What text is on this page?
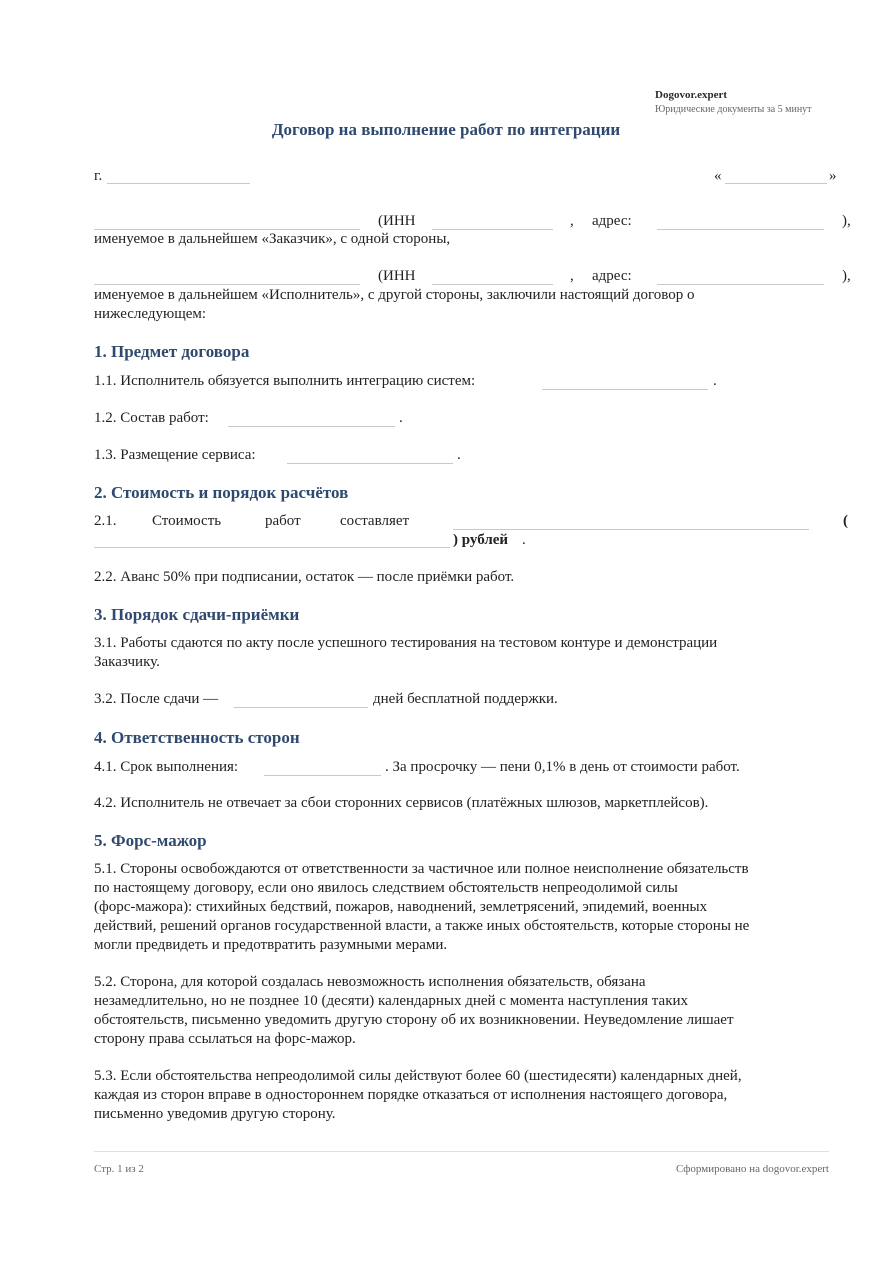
Dogovor.expert
Юридические документы за 5 минут
Договор на выполнение работ по интеграции
г.	«	»
(ИНН	, адрес:	),
именуемое в дальнейшем «Заказчик», с одной стороны,
(ИНН	, адрес:	),
именуемое в дальнейшем «Исполнитель», с другой стороны, заключили настоящий договор о
нижеследующем:
1. Предмет договора
1.1. Исполнитель обязуется выполнить интеграцию систем:	.
1.2. Состав работ:	.
1.3. Размещение сервиса:	.
2. Стоимость и порядок расчётов
2.1. Стоимость	работ	составляет	(
) рублей .
2.2. Аванс 50% при подписании, остаток — после приёмки работ.
3. Порядок сдачи-приёмки
3.1. Работы сдаются по акту после успешного тестирования на тестовом контуре и демонстрации
Заказчику.
3.2. После сдачи —	дней бесплатной поддержки.
4. Ответственность сторон
4.1. Срок выполнения:	. За просрочку — пени 0,1% в день от стоимости работ.
4.2. Исполнитель не отвечает за сбои сторонних сервисов (платёжных шлюзов, маркетплейсов).
5. Форс-мажор
5.1. Стороны освобождаются от ответственности за частичное или полное неисполнение обязательств
по настоящему договору, если оно явилось следствием обстоятельств непреодолимой силы
(форс-мажора): стихийных бедствий, пожаров, наводнений, землетрясений, эпидемий, военных
действий, решений органов государственной власти, а также иных обстоятельств, которые стороны не
могли предвидеть и предотвратить разумными мерами.
5.2. Сторона, для которой создалась невозможность исполнения обязательств, обязана
незамедлительно, но не позднее 10 (десяти) календарных дней с момента наступления таких
обстоятельств, письменно уведомить другую сторону об их возникновении. Неуведомление лишает
сторону права ссылаться на форс-мажор.
5.3. Если обстоятельства непреодолимой силы действуют более 60 (шестидесяти) календарных дней,
каждая из сторон вправе в одностороннем порядке отказаться от исполнения настоящего договора,
письменно уведомив другую сторону.
Стр. 1 из 2	Сформировано на dogovor.expert
